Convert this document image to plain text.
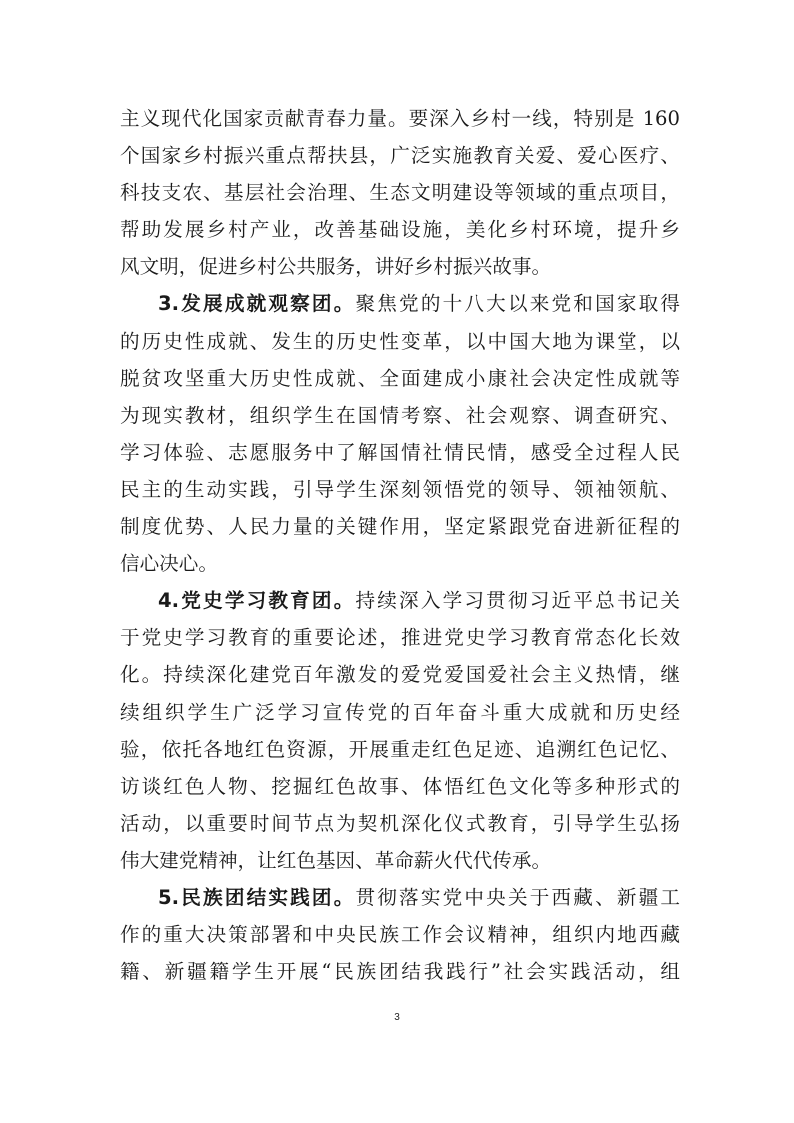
主义现代化国家贡献青春力量。要深入乡村一线，特别是 160
个国家乡村振兴重点帮扶县，广泛实施教育关爱、爱心医疗、
科技支农、基层社会治理、生态文明建设等领域的重点项目，
帮助发展乡村产业，改善基础设施，美化乡村环境，提升乡
风文明，促进乡村公共服务，讲好乡村振兴故事。
3.发展成就观察团。聚焦党的十八大以来党和国家取得
的历史性成就、发生的历史性变革，以中国大地为课堂，以
脱贫攻坚重大历史性成就、全面建成小康社会决定性成就等
为现实教材，组织学生在国情考察、社会观察、调查研究、
学习体验、志愿服务中了解国情社情民情，感受全过程人民
民主的生动实践，引导学生深刻领悟党的领导、领袖领航、
制度优势、人民力量的关键作用，坚定紧跟党奋进新征程的
信心决心。
4.党史学习教育团。持续深入学习贯彻习近平总书记关
于党史学习教育的重要论述，推进党史学习教育常态化长效
化。持续深化建党百年激发的爱党爱国爱社会主义热情，继
续组织学生广泛学习宣传党的百年奋斗重大成就和历史经
验，依托各地红色资源，开展重走红色足迹、追溯红色记忆、
访谈红色人物、挖掘红色故事、体悟红色文化等多种形式的
活动，以重要时间节点为契机深化仪式教育，引导学生弘扬
伟大建党精神，让红色基因、革命薪火代代传承。
5.民族团结实践团。贯彻落实党中央关于西藏、新疆工
作的重大决策部署和中央民族工作会议精神，组织内地西藏
籍、新疆籍学生开展“民族团结我践行”社会实践活动，组
3
